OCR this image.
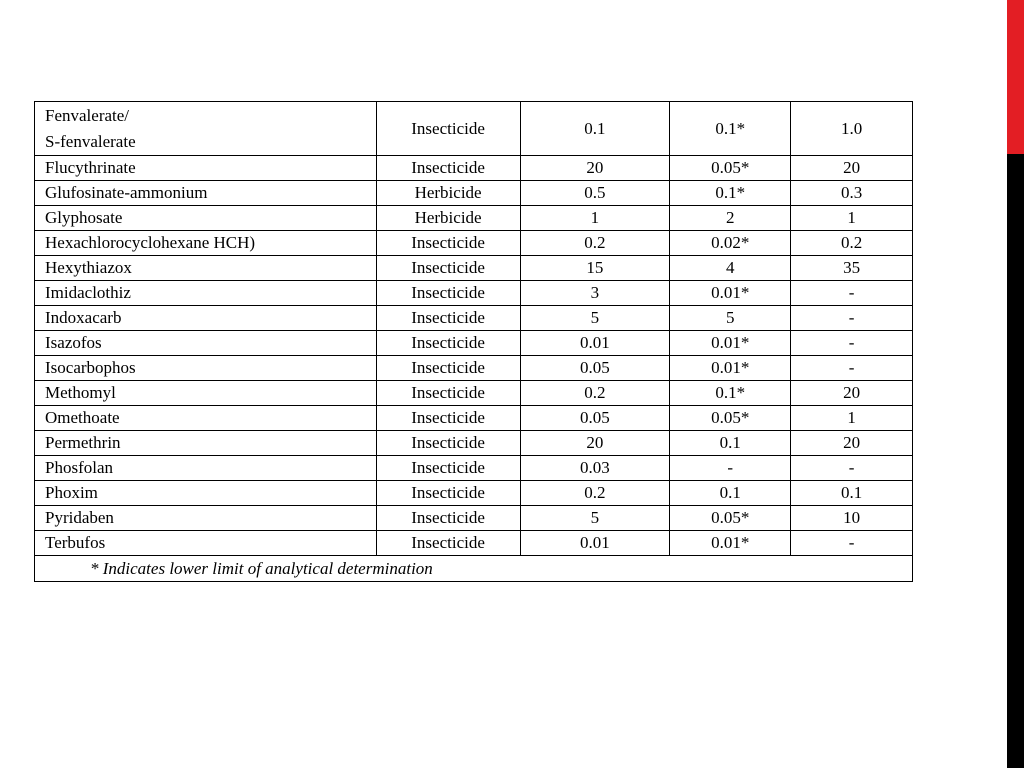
Fenvalerate/
S-fenvalerate	Insecticide	0.1	0.1*	1.0
Flucythrinate	Insecticide	20	0.05*	20
Glufosinate-ammonium	Herbicide	0.5	0.1*	0.3
Glyphosate	Herbicide	1	2	1
Hexachlorocyclohexane HCH)	Insecticide	0.2	0.02*	0.2
Hexythiazox	Insecticide	15	4	35
Imidaclothiz	Insecticide	3	0.01*	-
Indoxacarb	Insecticide	5	5	-
Isazofos	Insecticide	0.01	0.01*	-
Isocarbophos	Insecticide	0.05	0.01*	-
Methomyl	Insecticide	0.2	0.1*	20
Omethoate	Insecticide	0.05	0.05*	1
Permethrin	Insecticide	20	0.1	20
Phosfolan	Insecticide	0.03	-	-
Phoxim	Insecticide	0.2	0.1	0.1
Pyridaben	Insecticide	5	0.05*	10
Terbufos	Insecticide	0.01	0.01*	-
* Indicates lower limit of analytical determination				
